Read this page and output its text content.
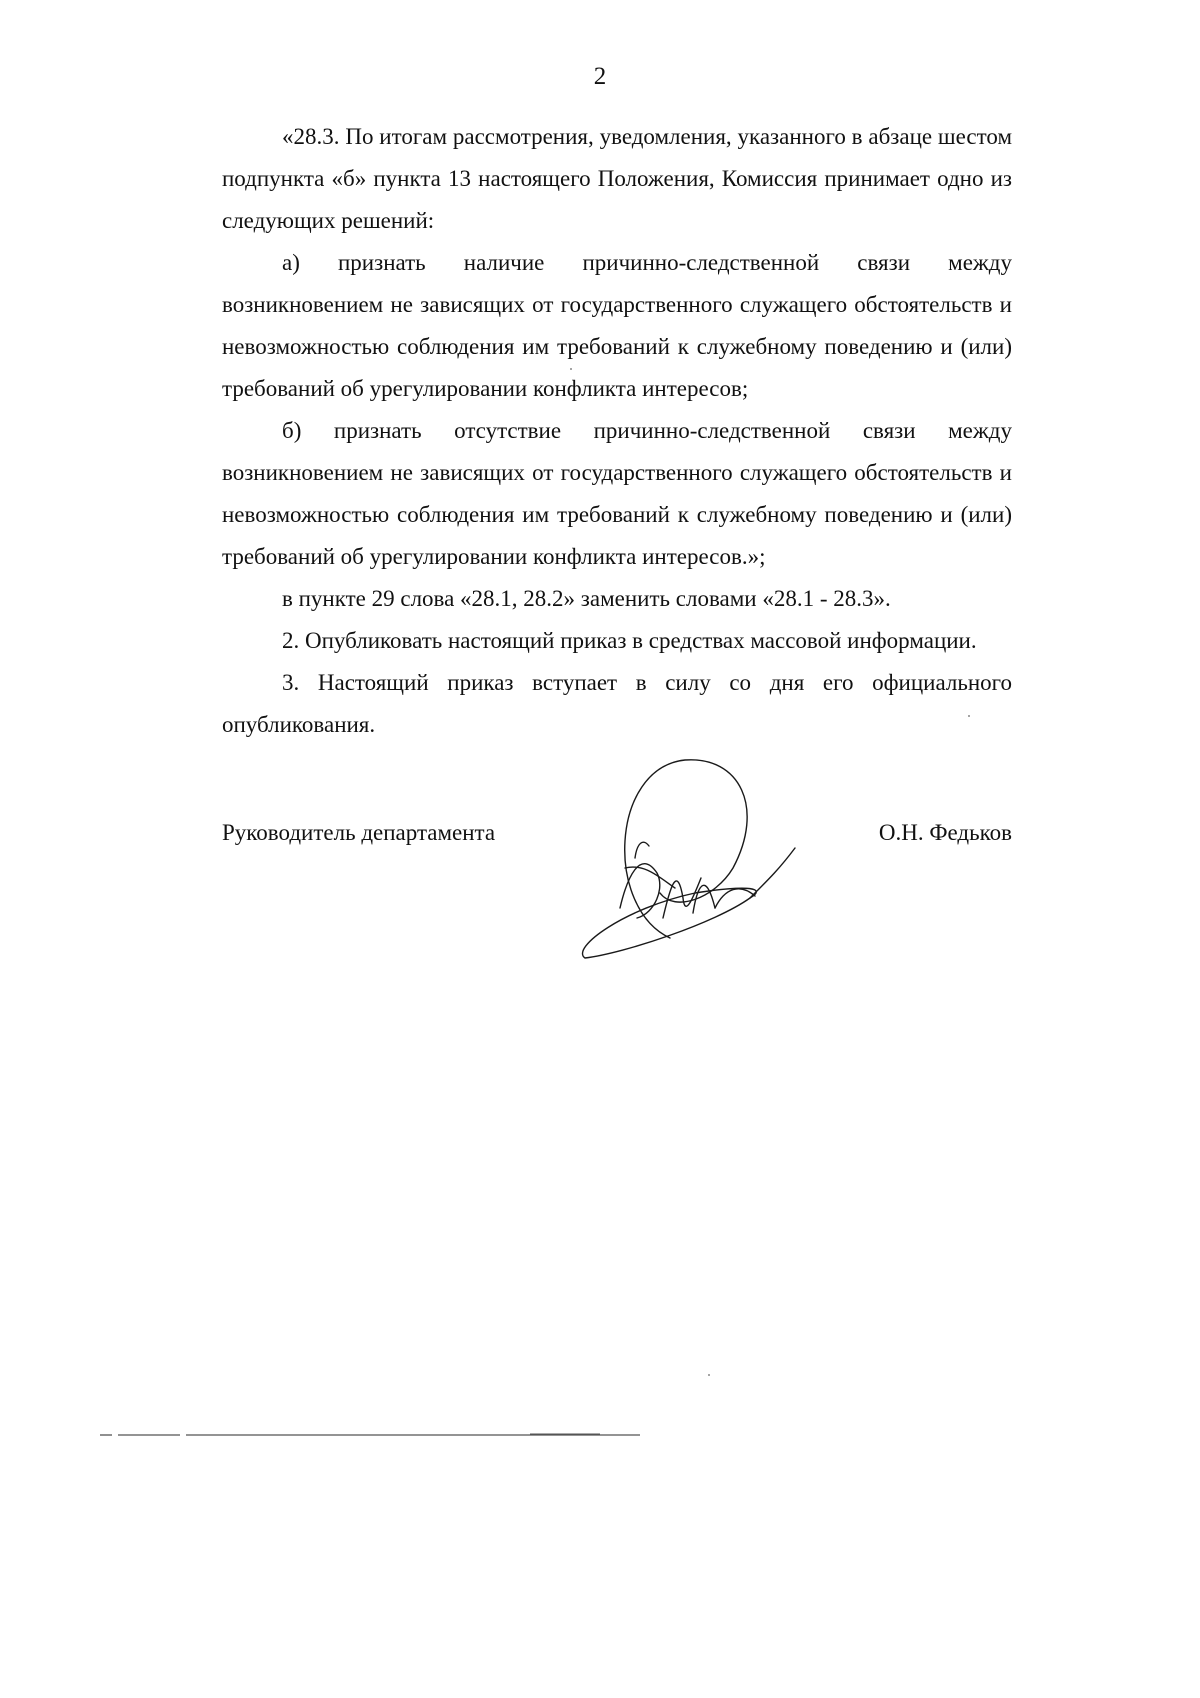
2

«28.3. По итогам рассмотрения, уведомления, указанного в абзаце шестом подпункта «б» пункта 13 настоящего Положения, Комиссия принимает одно из следующих решений:

а) признать наличие причинно-следственной связи между возникновением не зависящих от государственного служащего обстоятельств и невозможностью соблюдения им требований к служебному поведению и (или) требований об урегулировании конфликта интересов;

б) признать отсутствие причинно-следственной связи между возникновением не зависящих от государственного служащего обстоятельств и невозможностью соблюдения им требований к служебному поведению и (или) требований об урегулировании конфликта интересов.»;

в пункте 29 слова «28.1, 28.2» заменить словами «28.1 - 28.3».

2. Опубликовать настоящий приказ в средствах массовой информации.

3. Настоящий приказ вступает в силу со дня его официального опубликования.

Руководитель департамента	О.Н. Федьков
